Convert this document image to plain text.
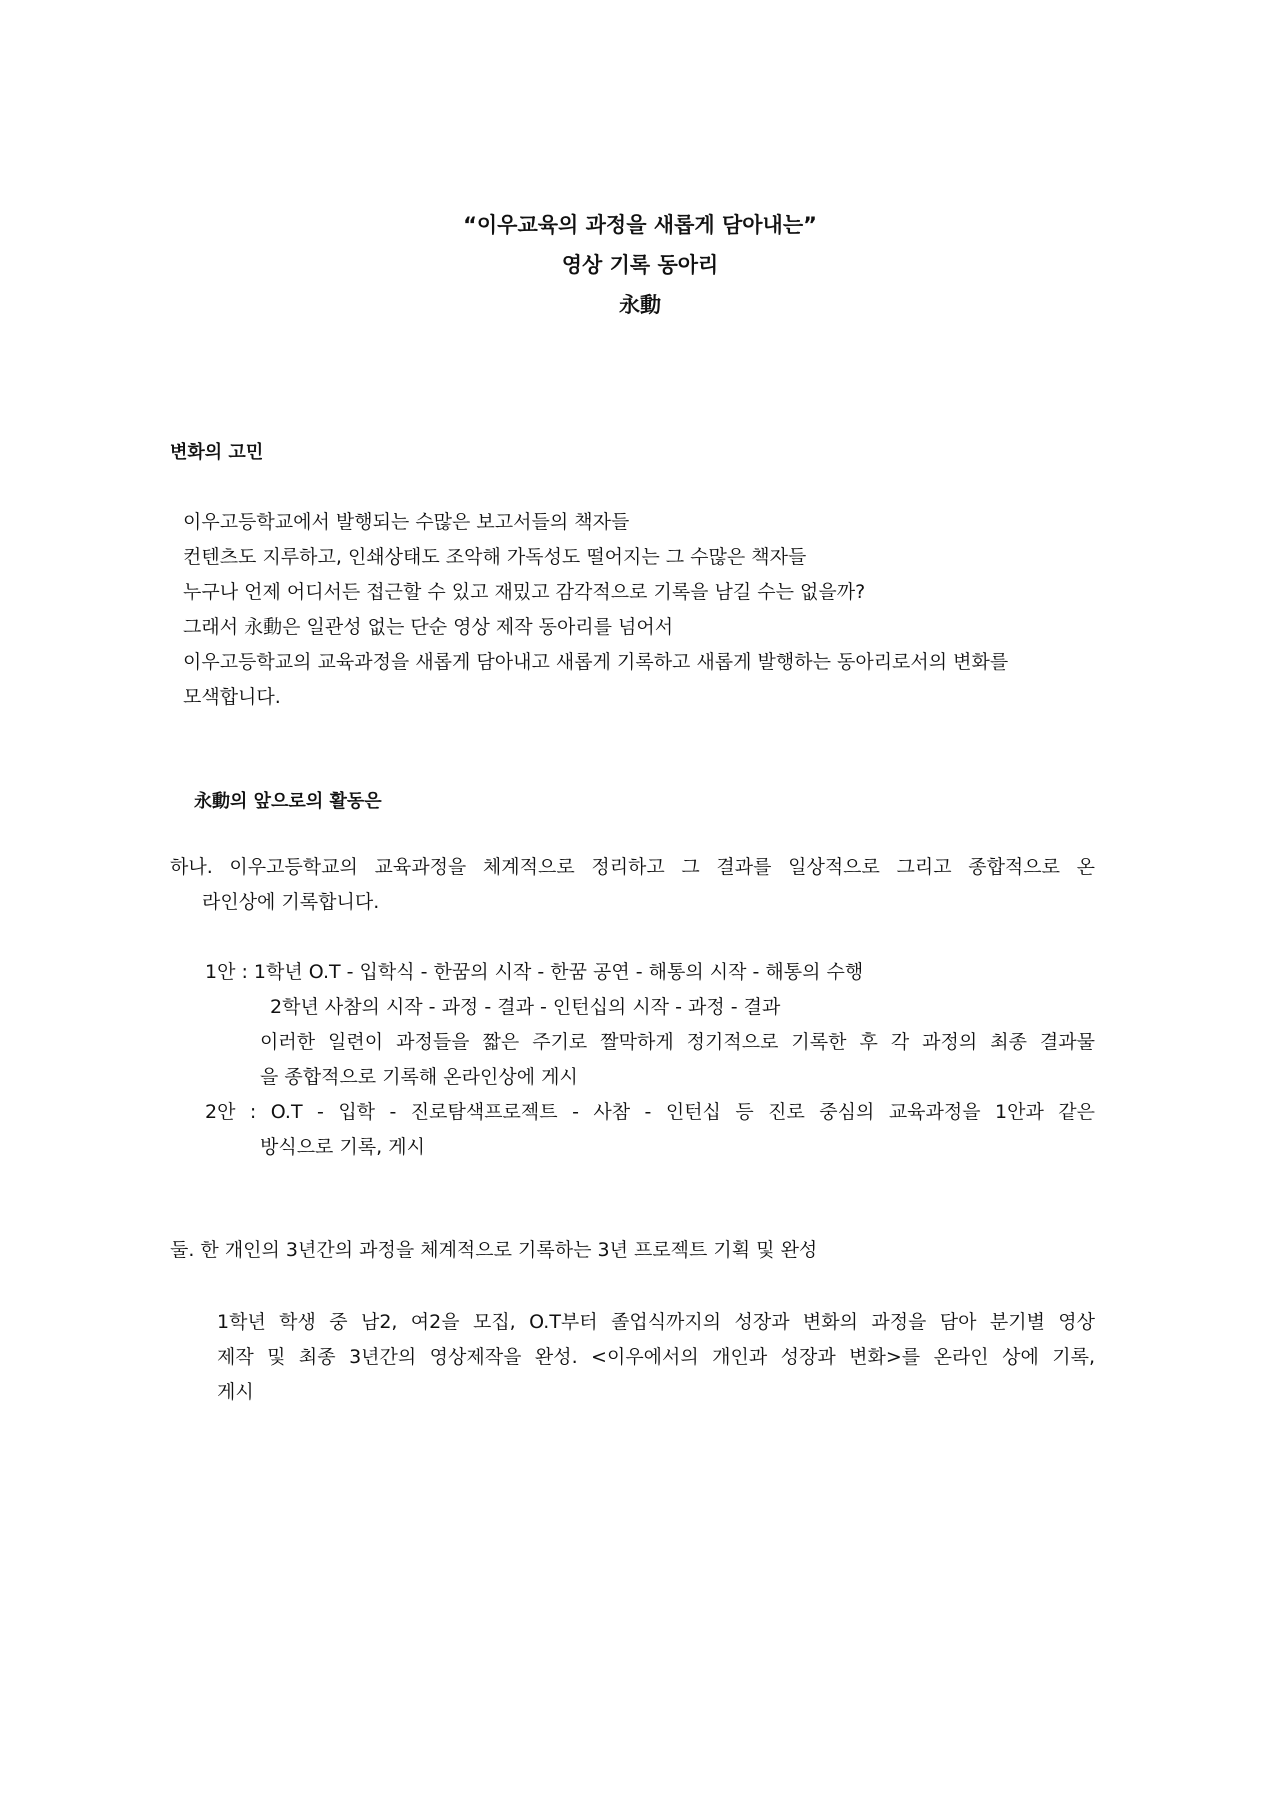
“이우교육의 과정을 새롭게 담아내는”
영상 기록 동아리
永動
변화의 고민
이우고등학교에서 발행되는 수많은 보고서들의 책자들
컨텐츠도 지루하고, 인쇄상태도 조악해 가독성도 떨어지는 그 수많은 책자들
누구나 언제 어디서든 접근할 수 있고 재밌고 감각적으로 기록을 남길 수는 없을까?
그래서 永動은 일관성 없는 단순 영상 제작 동아리를 넘어서
이우고등학교의 교육과정을 새롭게 담아내고 새롭게 기록하고 새롭게 발행하는 동아리로서의 변화를
모색합니다.
永動의 앞으로의 활동은
하나. 이우고등학교의 교육과정을 체계적으로 정리하고 그 결과를 일상적으로 그리고 종합적으로 온
라인상에 기록합니다.
1안 : 1학년 O.T - 입학식 - 한꿈의 시작 - 한꿈 공연 - 해통의 시작 - 해통의 수행
2학년 사참의 시작 - 과정 - 결과 - 인턴십의 시작 - 과정 - 결과
이러한 일련이 과정들을 짧은 주기로 짤막하게 정기적으로 기록한 후 각 과정의 최종 결과물
을 종합적으로 기록해 온라인상에 게시
2안 : O.T - 입학 - 진로탐색프로젝트 - 사참 - 인턴십 등 진로 중심의 교육과정을 1안과 같은
방식으로 기록, 게시
둘. 한 개인의 3년간의 과정을 체계적으로 기록하는 3년 프로젝트 기획 및 완성
1학년 학생 중 남2, 여2을 모집, O.T부터 졸업식까지의 성장과 변화의 과정을 담아 분기별 영상
제작 및 최종 3년간의 영상제작을 완성. <이우에서의 개인과 성장과 변화>를 온라인 상에 기록,
게시
